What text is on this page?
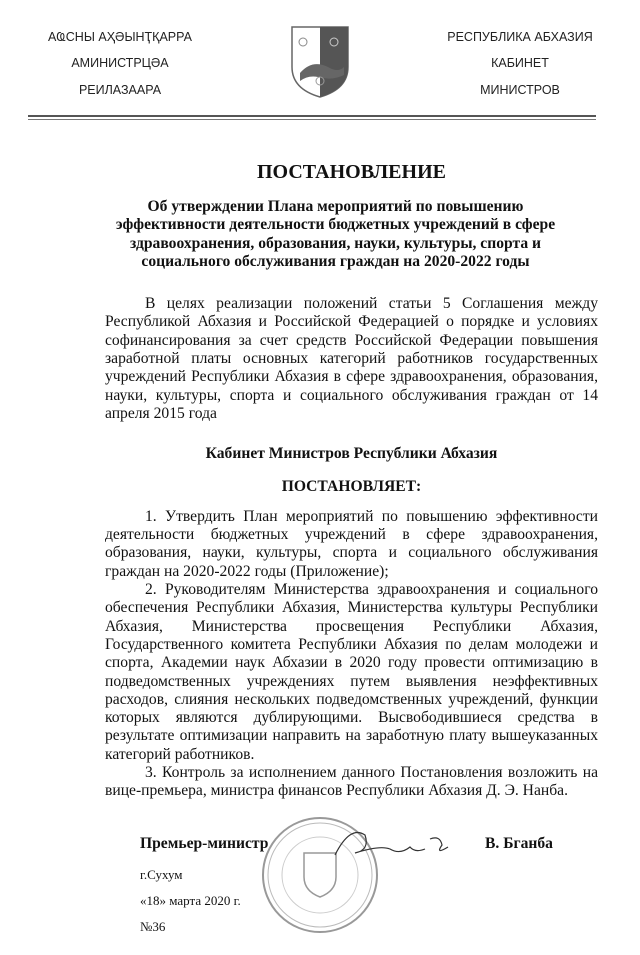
АҨСНЫ АҲӘЫНҬҚАРРА
АМИНИСТРЦӘА
РЕИЛАЗААРА
РЕСПУБЛИКА АБХАЗИЯ
КАБИНЕТ
МИНИСТРОВ
ПОСТАНОВЛЕНИЕ
Об утверждении Плана мероприятий по повышению эффективности деятельности бюджетных учреждений в сфере здравоохранения, образования, науки, культуры, спорта и социального обслуживания граждан на 2020-2022 годы

В целях реализации положений статьи 5 Соглашения между Республикой Абхазия и Российской Федерацией о порядке и условиях софинансирования за счет средств Российской Федерации повышения заработной платы основных категорий работников государственных учреждений Республики Абхазия в сфере здравоохранения, образования, науки, культуры, спорта и социального обслуживания граждан от 14 апреля 2015 года

Кабинет Министров Республики Абхазия
ПОСТАНОВЛЯЕТ:

1. Утвердить План мероприятий по повышению эффективности деятельности бюджетных учреждений в сфере здравоохранения, образования, науки, культуры, спорта и социального обслуживания граждан на 2020-2022 годы (Приложение);

2. Руководителям Министерства здравоохранения и социального обеспечения Республики Абхазия, Министерства культуры Республики Абхазия, Министерства просвещения Республики Абхазия, Государственного комитета Республики Абхазия по делам молодежи и спорта, Академии наук Абхазии в 2020 году провести оптимизацию в подведомственных учреждениях путем выявления неэффективных расходов, слияния нескольких подведомственных учреждений, функции которых являются дублирующими. Высвободившиеся средства в результате оптимизации направить на заработную плату вышеуказанных категорий работников.

3. Контроль за исполнением данного Постановления возложить на вице-премьера, министра финансов Республики Абхазия Д. Э. Нанба.

Премьер-министр	В. Бганба
г.Сухум
«18» марта 2020 г.
№36
